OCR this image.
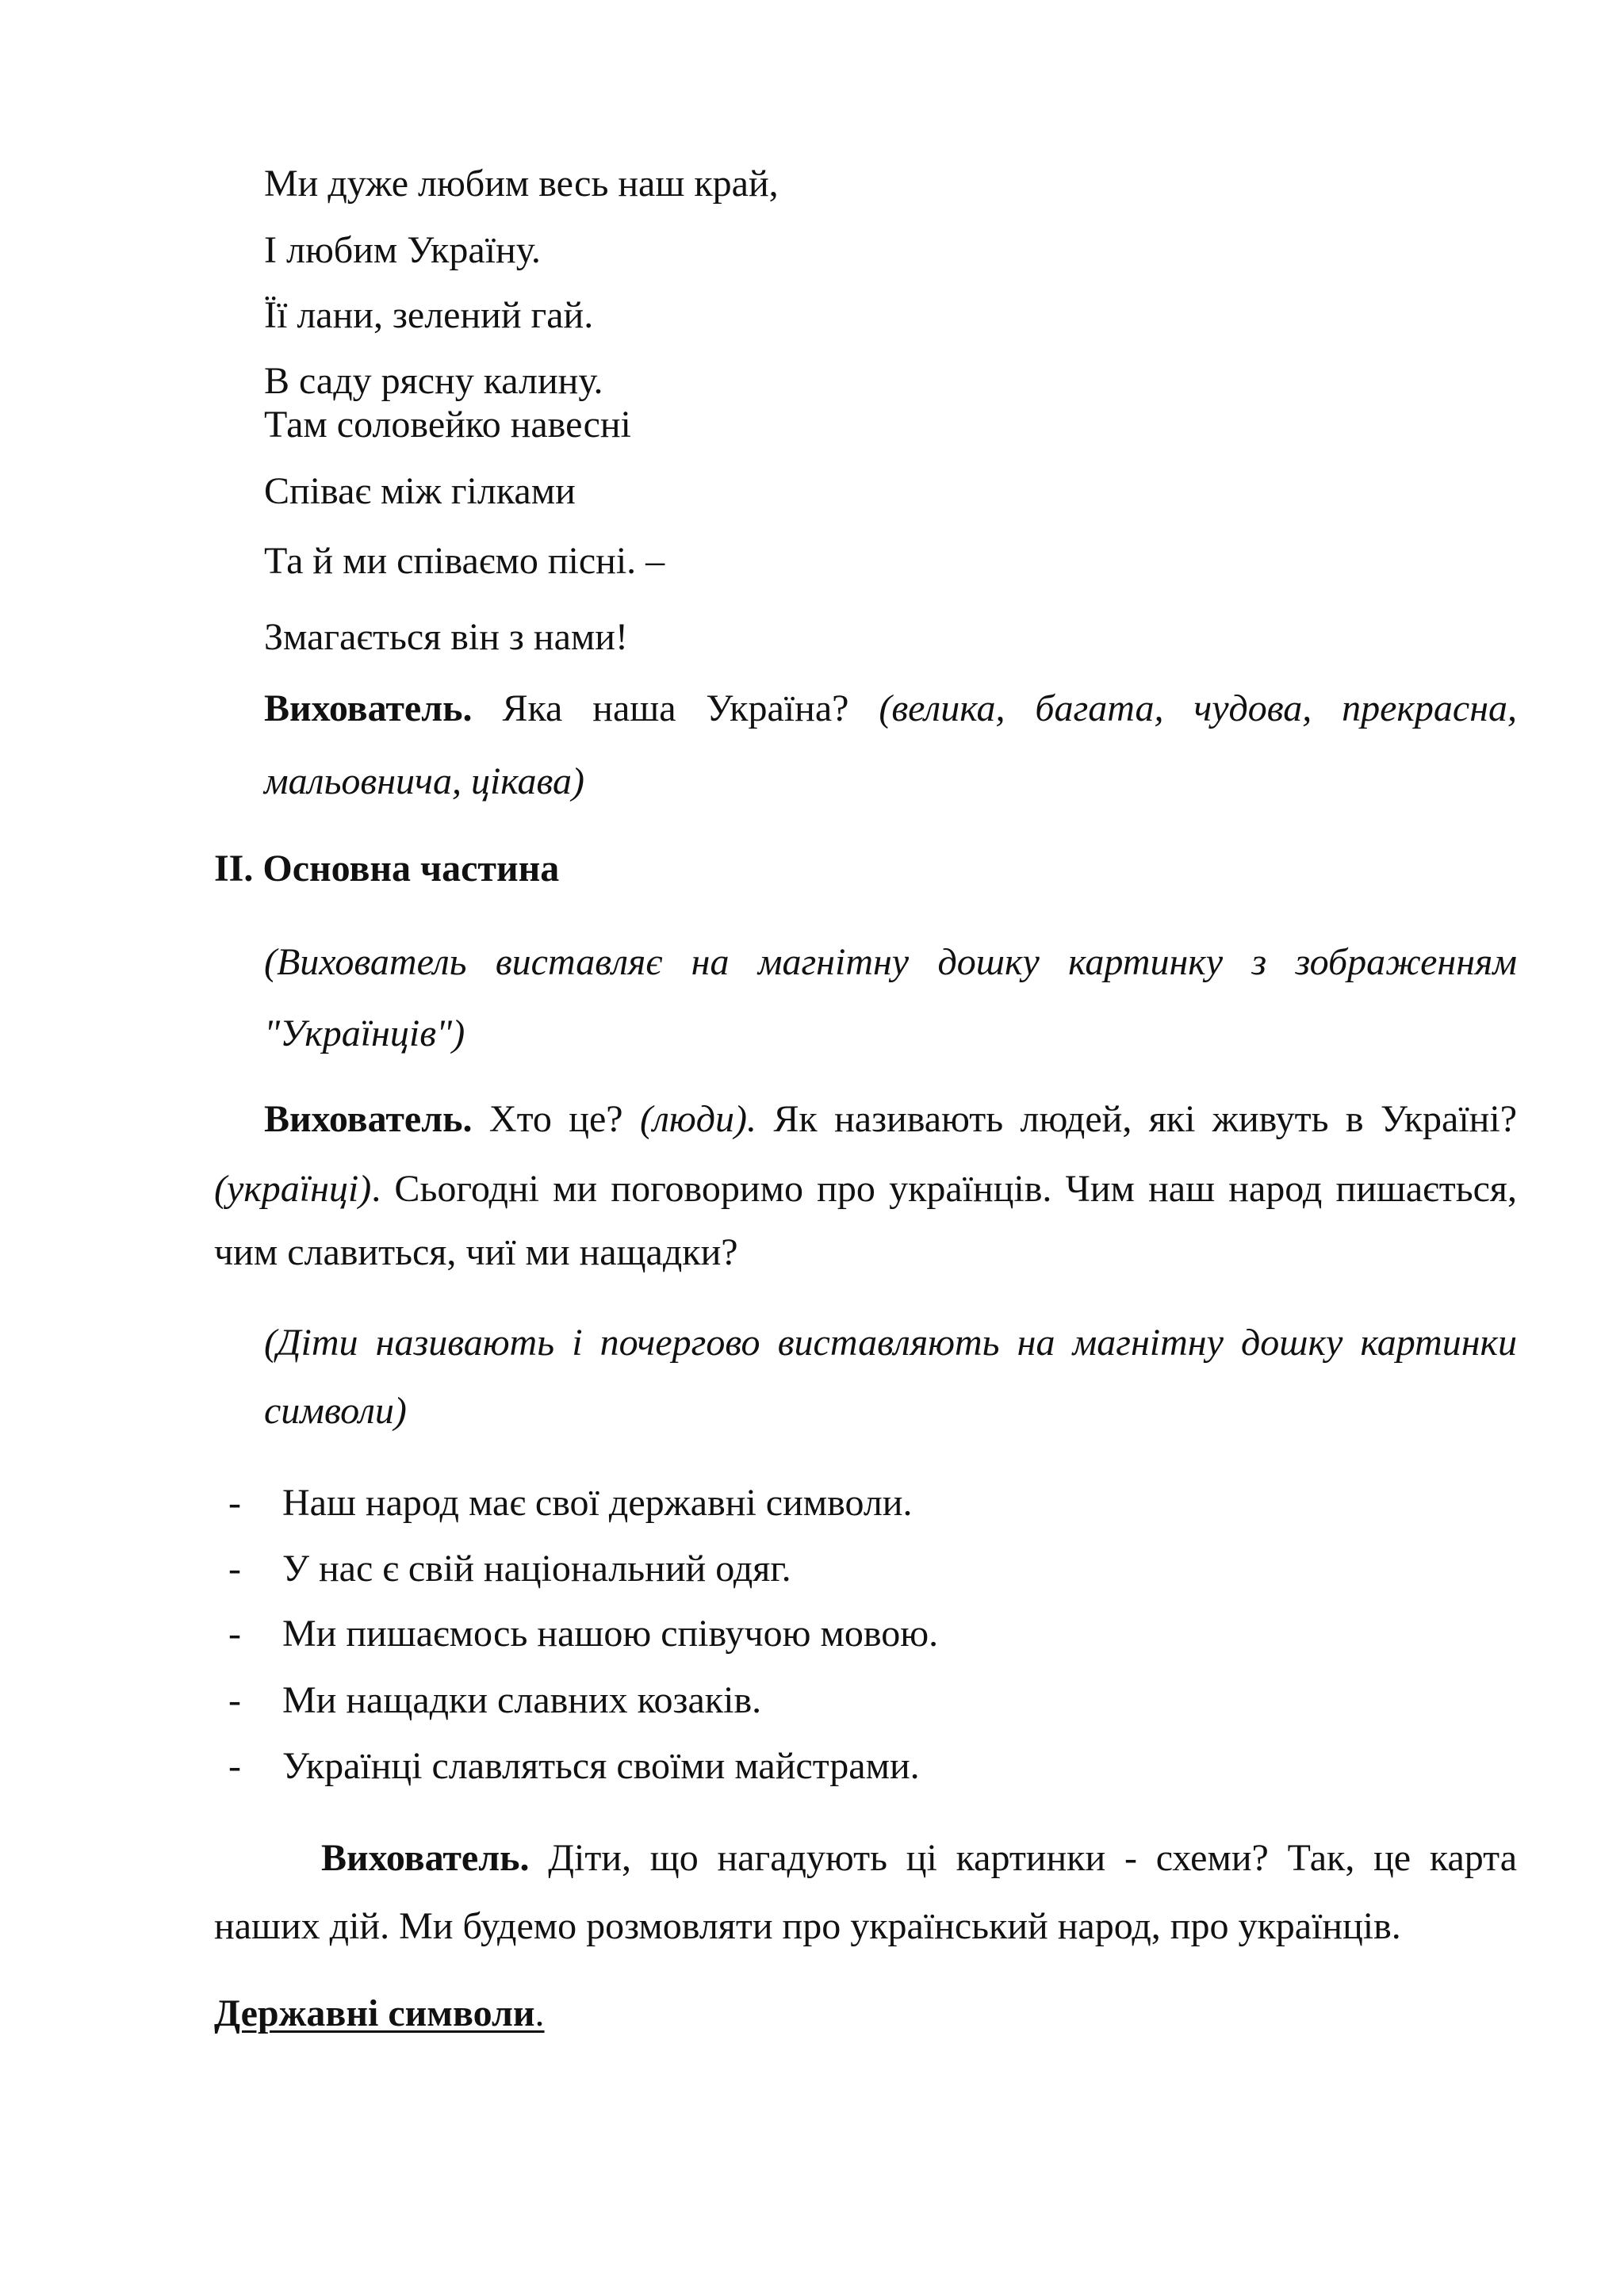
Ми дуже любим весь наш край,
І любим Україну.
Її лани, зелений гай.
В саду рясну калину.
Там соловейко навесні
Співає між гілками
Та й ми співаємо пісні. –
Змагається він з нами!
Вихователь. Яка наша Україна? (велика, багата, чудова, прекрасна,
мальовнича, цікава)
ІІ. Основна частина
(Вихователь виставляє на магнітну дошку картинку з зображенням
"Українців")
Вихователь. Хто це? (люди). Як називають людей, які живуть в Україні?
(українці). Сьогодні ми поговоримо про українців. Чим наш народ пишається,
чим славиться, чиї ми нащадки?
(Діти називають і почергово виставляють на магнітну дошку картинки
символи)
- Наш народ має свої державні символи.
- У нас є свій національний одяг.
- Ми пишаємось нашою співучою мовою.
- Ми нащадки славних козаків.
- Українці славляться своїми майстрами.
Вихователь. Діти, що нагадують ці картинки - схеми? Так, це карта
наших дій. Ми будемо розмовляти про український народ, про українців.
Державні символи.
